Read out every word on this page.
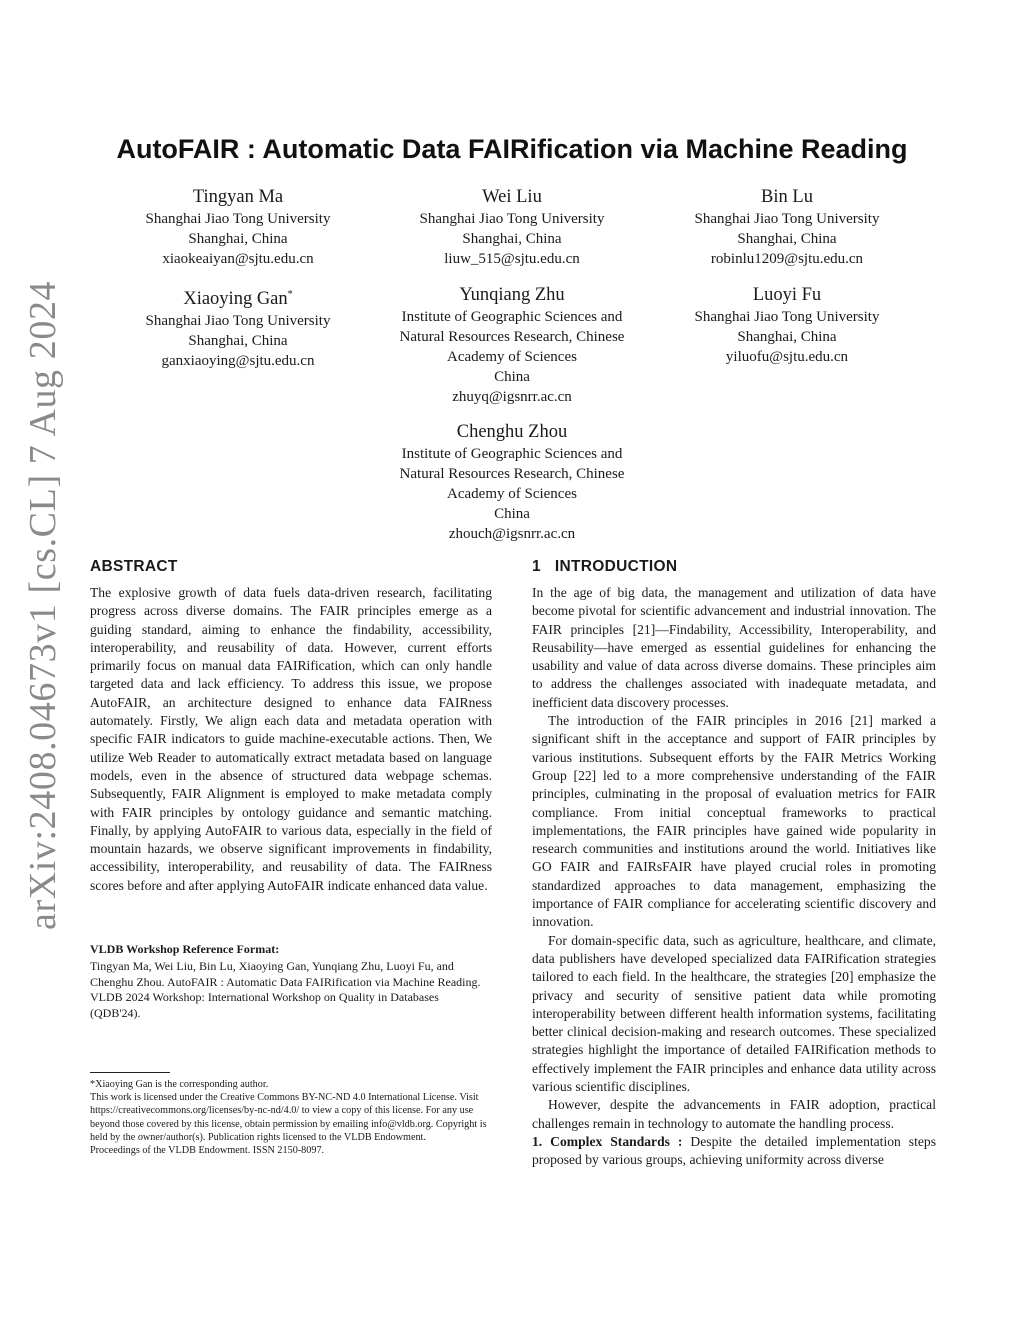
arXiv:2408.04673v1 [cs.CL] 7 Aug 2024
AutoFAIR : Automatic Data FAIRification via Machine Reading
Tingyan Ma
Shanghai Jiao Tong University
Shanghai, China
xiaokeaiyan@sjtu.edu.cn
Wei Liu
Shanghai Jiao Tong University
Shanghai, China
liuw_515@sjtu.edu.cn
Bin Lu
Shanghai Jiao Tong University
Shanghai, China
robinlu1209@sjtu.edu.cn
Xiaoying Gan*
Shanghai Jiao Tong University
Shanghai, China
ganxiaoying@sjtu.edu.cn
Yunqiang Zhu
Institute of Geographic Sciences and
Natural Resources Research, Chinese
Academy of Sciences
China
zhuyq@igsnrr.ac.cn
Luoyi Fu
Shanghai Jiao Tong University
Shanghai, China
yiluofu@sjtu.edu.cn
Chenghu Zhou
Institute of Geographic Sciences and
Natural Resources Research, Chinese
Academy of Sciences
China
zhouch@igsnrr.ac.cn
ABSTRACT

The explosive growth of data fuels data-driven research, facilitating progress across diverse domains. The FAIR principles emerge as a guiding standard, aiming to enhance the findability, accessibility, interoperability, and reusability of data. However, current efforts primarily focus on manual data FAIRification, which can only handle targeted data and lack efficiency. To address this issue, we propose AutoFAIR, an architecture designed to enhance data FAIRness automately. Firstly, We align each data and metadata operation with specific FAIR indicators to guide machine-executable actions. Then, We utilize Web Reader to automatically extract metadata based on language models, even in the absence of structured data webpage schemas. Subsequently, FAIR Alignment is employed to make metadata comply with FAIR principles by ontology guidance and semantic matching. Finally, by applying AutoFAIR to various data, especially in the field of mountain hazards, we observe significant improvements in findability, accessibility, interoperability, and reusability of data. The FAIRness scores before and after applying AutoFAIR indicate enhanced data value.

VLDB Workshop Reference Format:
Tingyan Ma, Wei Liu, Bin Lu, Xiaoying Gan, Yunqiang Zhu, Luoyi Fu, and Chenghu Zhou. AutoFAIR : Automatic Data FAIRification via Machine Reading. VLDB 2024 Workshop: International Workshop on Quality in Databases (QDB'24).

*Xiaoying Gan is the corresponding author.

This work is licensed under the Creative Commons BY-NC-ND 4.0 International License. Visit https://creativecommons.org/licenses/by-nc-nd/4.0/ to view a copy of this license. For any use beyond those covered by this license, obtain permission by emailing info@vldb.org. Copyright is held by the owner/author(s). Publication rights licensed to the VLDB Endowment.

Proceedings of the VLDB Endowment. ISSN 2150-8097.

1 INTRODUCTION

In the age of big data, the management and utilization of data have become pivotal for scientific advancement and industrial innovation. The FAIR principles [21]—Findability, Accessibility, Interoperability, and Reusability—have emerged as essential guidelines for enhancing the usability and value of data across diverse domains. These principles aim to address the challenges associated with inadequate metadata, and inefficient data discovery processes.

The introduction of the FAIR principles in 2016 [21] marked a significant shift in the acceptance and support of FAIR principles by various institutions. Subsequent efforts by the FAIR Metrics Working Group [22] led to a more comprehensive understanding of the FAIR principles, culminating in the proposal of evaluation metrics for FAIR compliance. From initial conceptual frameworks to practical implementations, the FAIR principles have gained wide popularity in research communities and institutions around the world. Initiatives like GO FAIR and FAIRsFAIR have played crucial roles in promoting standardized approaches to data management, emphasizing the importance of FAIR compliance for accelerating scientific discovery and innovation.

For domain-specific data, such as agriculture, healthcare, and climate, data publishers have developed specialized data FAIRification strategies tailored to each field. In the healthcare, the strategies [20] emphasize the privacy and security of sensitive patient data while promoting interoperability between different health information systems, facilitating better clinical decision-making and research outcomes. These specialized strategies highlight the importance of detailed FAIRification methods to effectively implement the FAIR principles and enhance data utility across various scientific disciplines.

However, despite the advancements in FAIR adoption, practical challenges remain in technology to automate the handling process.

1. Complex Standards : Despite the detailed implementation steps proposed by various groups, achieving uniformity across diverse
